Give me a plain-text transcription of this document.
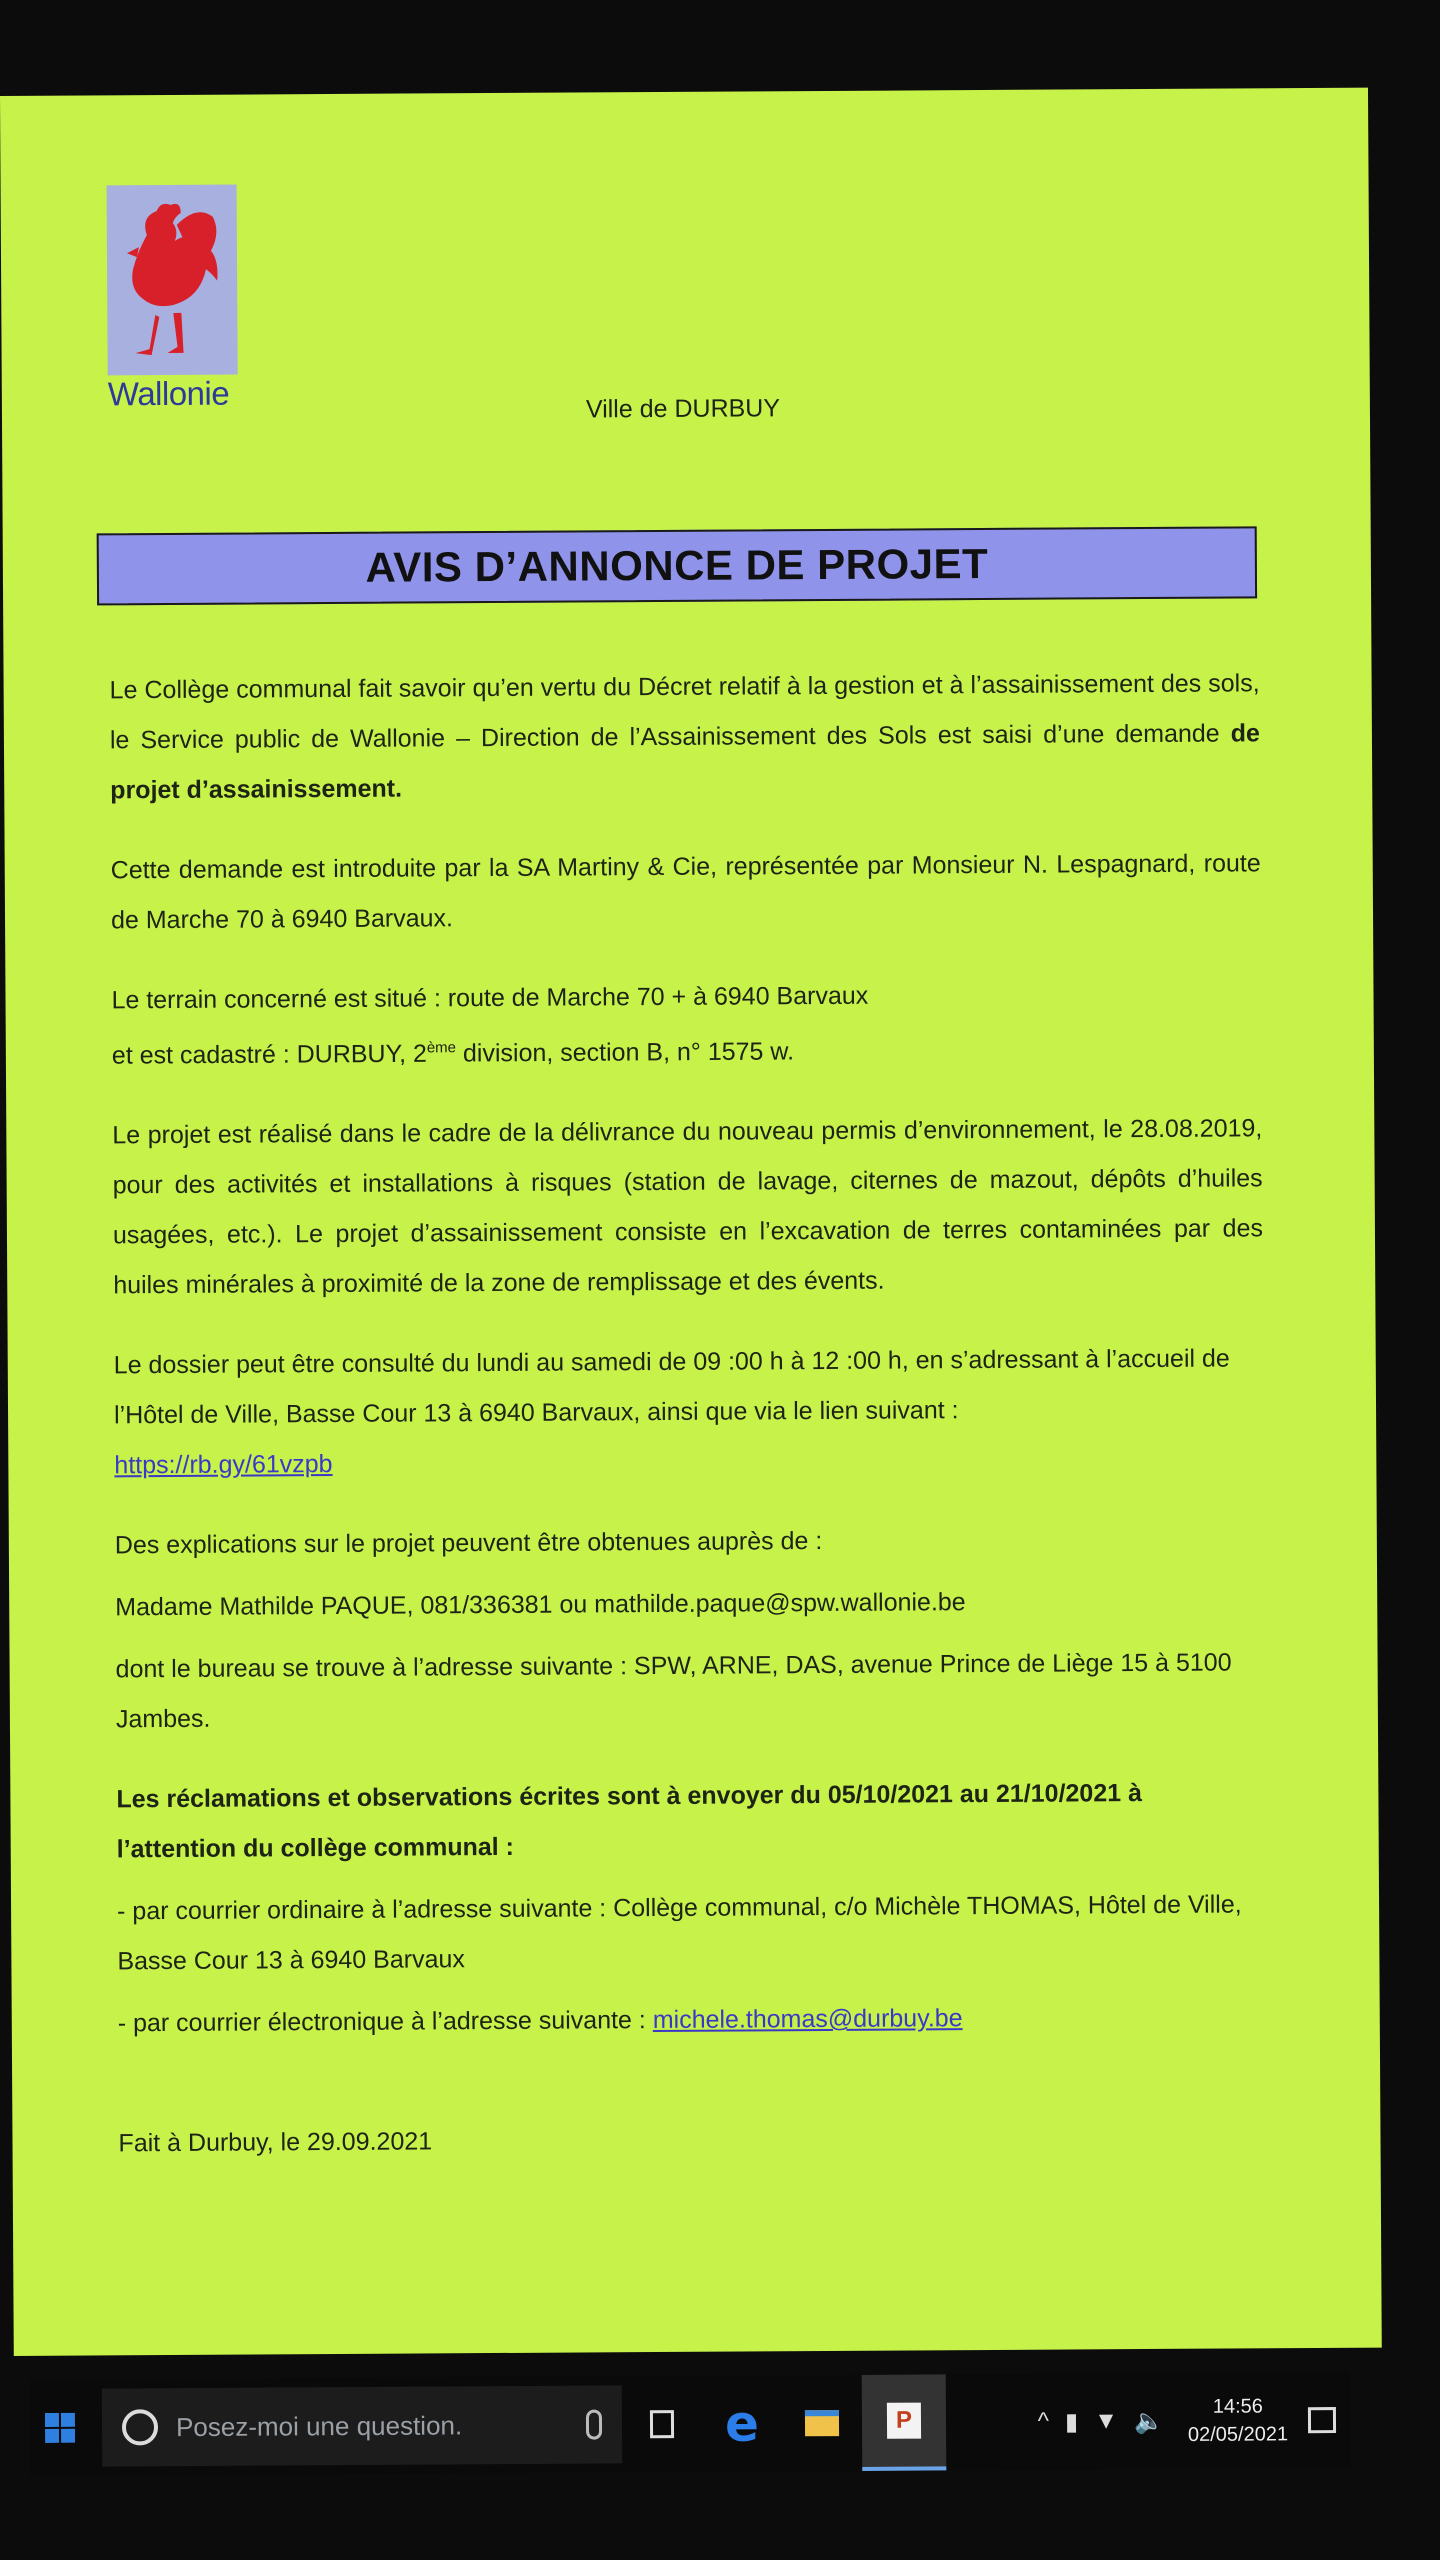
Wallonie	Ville de DURBUY
AVIS D’ANNONCE DE PROJET

Le Collège communal fait savoir qu’en vertu du Décret relatif à la gestion et à l’assainissement des sols, le Service public de Wallonie – Direction de l’Assainissement des Sols est saisi d’une demande de projet d’assainissement.

Cette demande est introduite par la SA Martiny & Cie, représentée par Monsieur N. Lespagnard, route de Marche 70 à 6940 Barvaux.

Le terrain concerné est situé : route de Marche 70 + à 6940 Barvaux
et est cadastré : DURBUY, 2ème division, section B, n° 1575 w.

Le projet est réalisé dans le cadre de la délivrance du nouveau permis d’environnement, le 28.08.2019, pour des activités et installations à risques (station de lavage, citernes de mazout, dépôts d’huiles usagées, etc.). Le projet d’assainissement consiste en l’excavation de terres contaminées par des huiles minérales à proximité de la zone de remplissage et des évents.

Le dossier peut être consulté du lundi au samedi de 09 :00 h à 12 :00 h, en s’adressant à l’accueil de l’Hôtel de Ville, Basse Cour 13 à 6940 Barvaux, ainsi que via le lien suivant :
https://rb.gy/61vzpb

Des explications sur le projet peuvent être obtenues auprès de :

Madame Mathilde PAQUE, 081/336381 ou mathilde.paque@spw.wallonie.be

dont le bureau se trouve à l’adresse suivante : SPW, ARNE, DAS, avenue Prince de Liège 15 à 5100 Jambes.

Les réclamations et observations écrites sont à envoyer du 05/10/2021 au 21/10/2021 à l’attention du collège communal :

- par courrier ordinaire à l’adresse suivante : Collège communal, c/o Michèle THOMAS, Hôtel de Ville, Basse Cour 13 à 6940 Barvaux

- par courrier électronique à l’adresse suivante : michele.thomas@durbuy.be

Fait à Durbuy, le 29.09.2021

Posez-moi une question.	e	P	^ ▮ ▼ 🔈
14:56
02/05/2021
